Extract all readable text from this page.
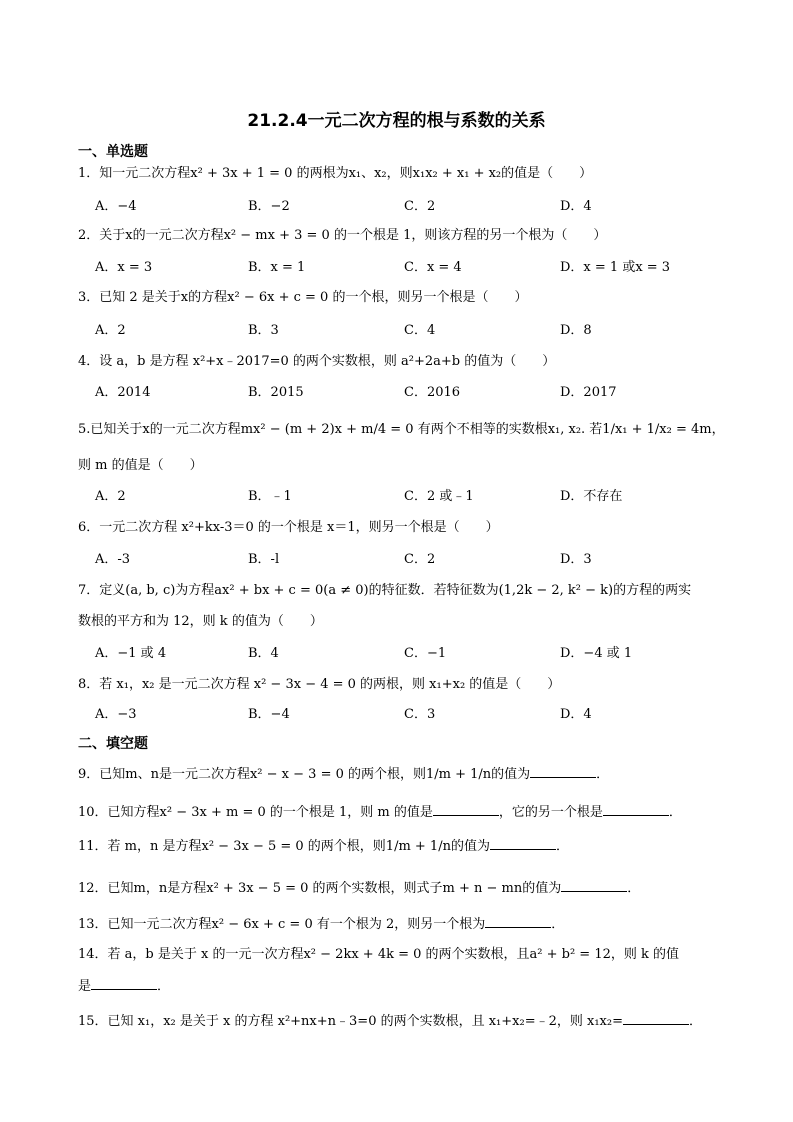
21.2.4一元二次方程的根与系数的关系
一、单选题
1．知一元二次方程x² + 3x + 1 = 0 的两根为x₁、x₂，则x₁x₂ + x₁ + x₂的值是（　　）
A．−4	B．−2	C．2	D．4
2．关于x的一元二次方程x² − mx + 3 = 0 的一个根是 1，则该方程的另一个根为（　　）
A．x = 3	B．x = 1	C．x = 4	D．x = 1 或x = 3
3．已知 2 是关于x的方程x² − 6x + c = 0 的一个根，则另一个根是（　　）
A．2	B．3	C．4	D．8
4．设 a，b 是方程 x²+x﹣2017=0 的两个实数根，则 a²+2a+b 的值为（　　）
A．2014	B．2015	C．2016	D．2017
5.已知关于x的一元二次方程mx² − (m + 2)x + m/4 = 0 有两个不相等的实数根x₁, x₂. 若1/x₁ + 1/x₂ = 4m，
则 m 的值是（　　）
A．2	B．﹣1	C．2 或﹣1	D．不存在
6．一元二次方程 x²+kx-3＝0 的一个根是 x＝1，则另一个根是（　　）
A．-3	B．-l	C．2	D．3
7．定义(a, b, c)为方程ax² + bx + c = 0(a ≠ 0)的特征数．若特征数为(1,2k − 2, k² − k)的方程的两实
数根的平方和为 12，则 k 的值为（　　）
A．−1 或 4	B．4	C．−1	D．−4 或 1
8．若 x₁，x₂ 是一元二次方程 x² − 3x − 4 = 0 的两根，则 x₁+x₂ 的值是（　　）
A．−3	B．−4	C．3	D．4
二、填空题
9．已知m、n是一元二次方程x² − x − 3 = 0 的两个根，则1/m + 1/n的值为	．
10．已知方程x² − 3x + m = 0 的一个根是 1，则 m 的值是	，它的另一个根是	．
11．若 m，n 是方程x² − 3x − 5 = 0 的两个根，则1/m + 1/n的值为	．
12．已知m，n是方程x² + 3x − 5 = 0 的两个实数根，则式子m + n − mn的值为	．
13．已知一元二次方程x² − 6x + c = 0 有一个根为 2，则另一个根为	．
14．若 a，b 是关于 x 的一元一次方程x² − 2kx + 4k = 0 的两个实数根，且a² + b² = 12，则 k 的值
是	．
15．已知 x₁，x₂ 是关于 x 的方程 x²+nx+n﹣3=0 的两个实数根，且 x₁+x₂=﹣2，则 x₁x₂=	．
